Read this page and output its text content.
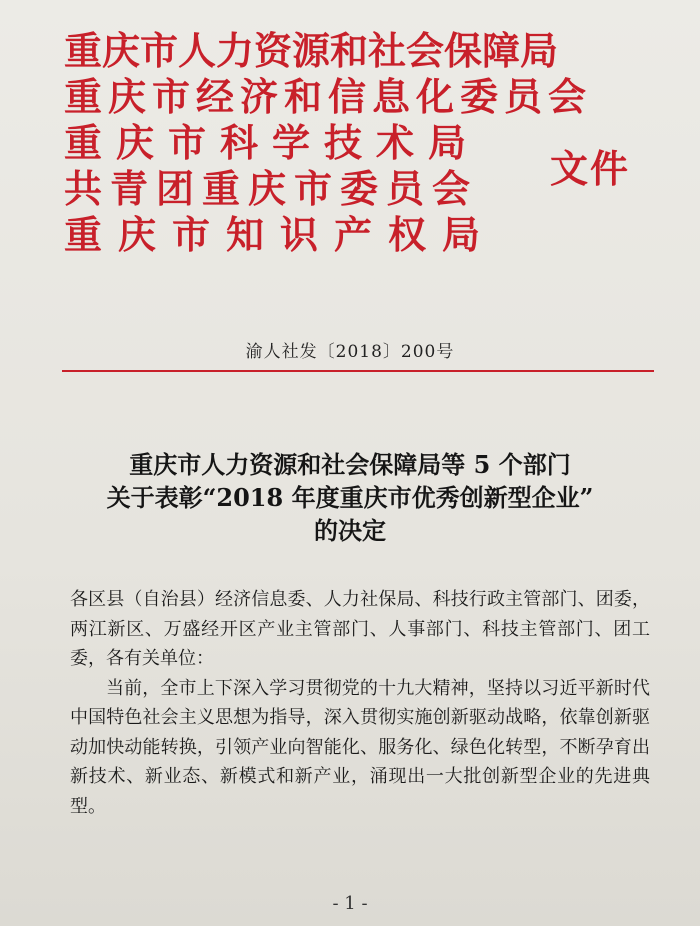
重庆市人力资源和社会保障局
重庆市经济和信息化委员会
重庆市科学技术局
共青团重庆市委员会
重庆市知识产权局
文件
渝人社发〔2018〕200号
重庆市人力资源和社会保障局等 5 个部门
关于表彰“2018 年度重庆市优秀创新型企业”
的决定

各区县（自治县）经济信息委、人力社保局、科技行政主管部门、团委，两江新区、万盛经开区产业主管部门、人事部门、科技主管部门、团工委，各有关单位：

当前，全市上下深入学习贯彻党的十九大精神，坚持以习近平新时代中国特色社会主义思想为指导，深入贯彻实施创新驱动战略，依靠创新驱动加快动能转换，引领产业向智能化、服务化、绿色化转型，不断孕育出新技术、新业态、新模式和新产业，涌现出一大批创新型企业的先进典型。

- 1 -
